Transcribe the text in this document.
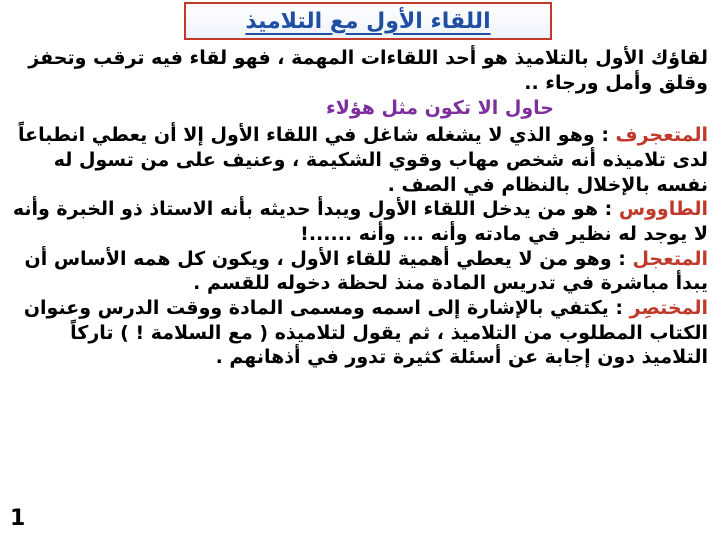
اللقاء الأول مع التلاميذ

لقاؤك الأول بالتلاميذ هو أحد اللقاءات المهمة ، فهو لقاء فيه ترقب وتحفز وقلق وأمل ورجاء ..

حاول الا تكون مثل هؤلاء

المتعجرف : وهو الذي لا يشغله شاغل في اللقاء الأول إلا أن يعطي انطباعاً لدى تلاميذه أنه شخص مهاب وقوي الشكيمة ، وعنيف على من تسول له نفسه بالإخلال بالنظام في الصف .

الطاووس : هو من يدخل اللقاء الأول ويبدأ حديثه بأنه الاستاذ ذو الخبرة وأنه لا يوجد له نظير في مادته وأنه ... وأنه ......!

المتعجل : وهو من لا يعطي أهمية للقاء الأول ، ويكون كل همه الأساس أن يبدأ مباشرة في تدريس المادة منذ لحظة دخوله للقسم .

المختصِر : يكتفي بالإشارة إلى اسمه ومسمى المادة ووقت الدرس وعنوان الكتاب المطلوب من التلاميذ ، ثم يقول لتلاميذه ( مع السلامة ! ) تاركاً التلاميذ دون إجابة عن أسئلة كثيرة تدور في أذهانهم .

1
